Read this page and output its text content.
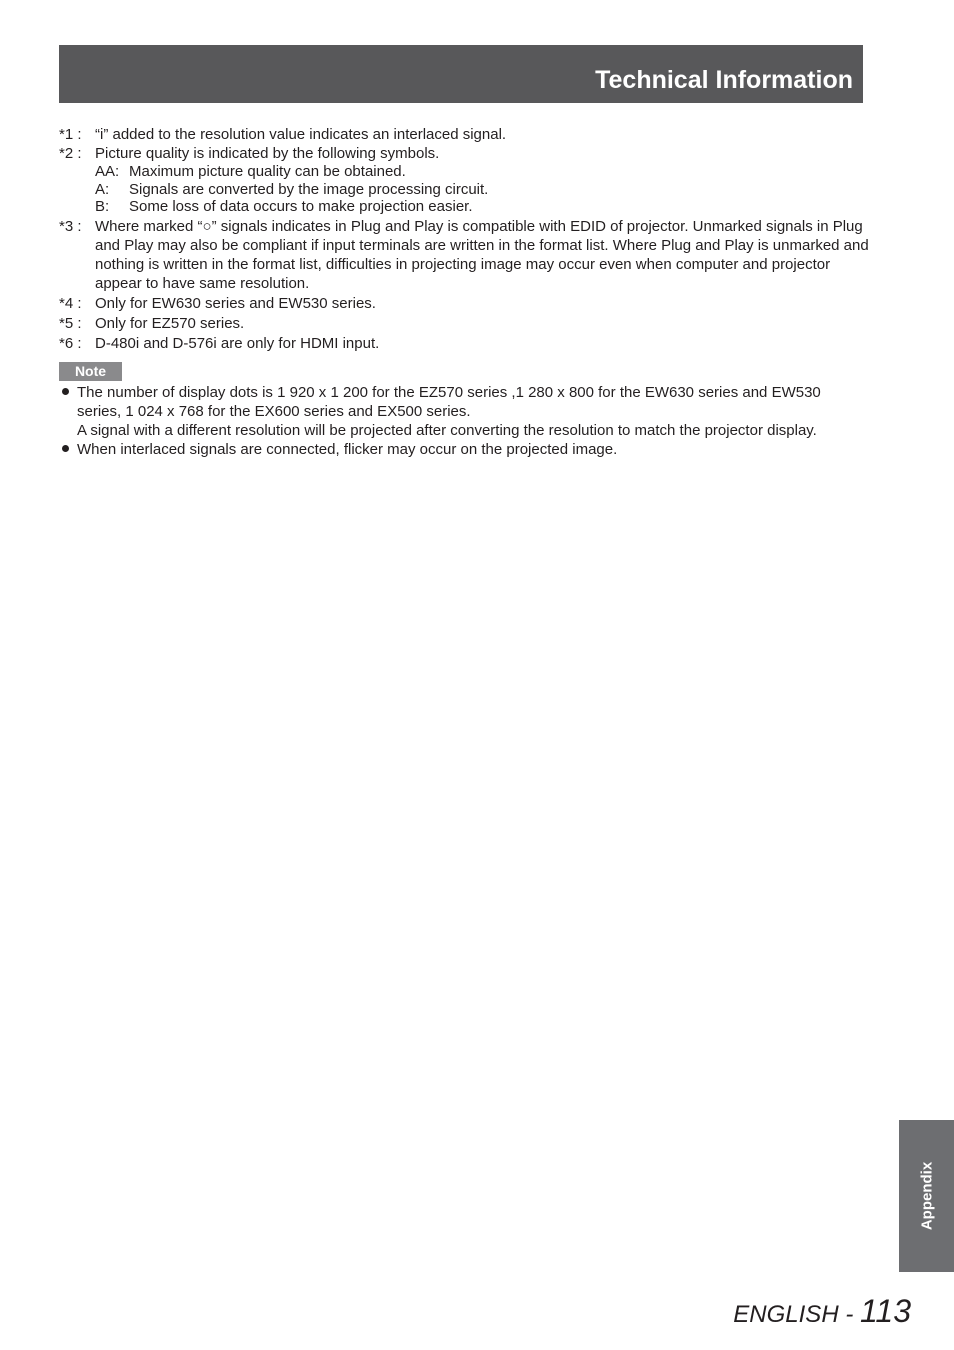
Technical Information
*1 : “i” added to the resolution value indicates an interlaced signal.
*2 : Picture quality is indicated by the following symbols.
AA: Maximum picture quality can be obtained.
A: Signals are converted by the image processing circuit.
B: Some loss of data occurs to make projection easier.
*3 : Where marked “○” signals indicates in Plug and Play is compatible with EDID of projector. Unmarked signals in Plug and Play may also be compliant if input terminals are written in the format list. Where Plug and Play is unmarked and nothing is written in the format list, difficulties in projecting image may occur even when computer and projector appear to have same resolution.
*4 : Only for EW630 series and EW530 series.
*5 : Only for EZ570 series.
*6 : D-480i and D-576i are only for HDMI input.
Note
The number of display dots is 1 920 x 1 200 for the EZ570 series ,1 280 x 800 for the EW630 series and EW530 series, 1 024 x 768 for the EX600 series and EX500 series.
A signal with a different resolution will be projected after converting the resolution to match the projector display.
When interlaced signals are connected, flicker may occur on the projected image.
Appendix
ENGLISH - 113
